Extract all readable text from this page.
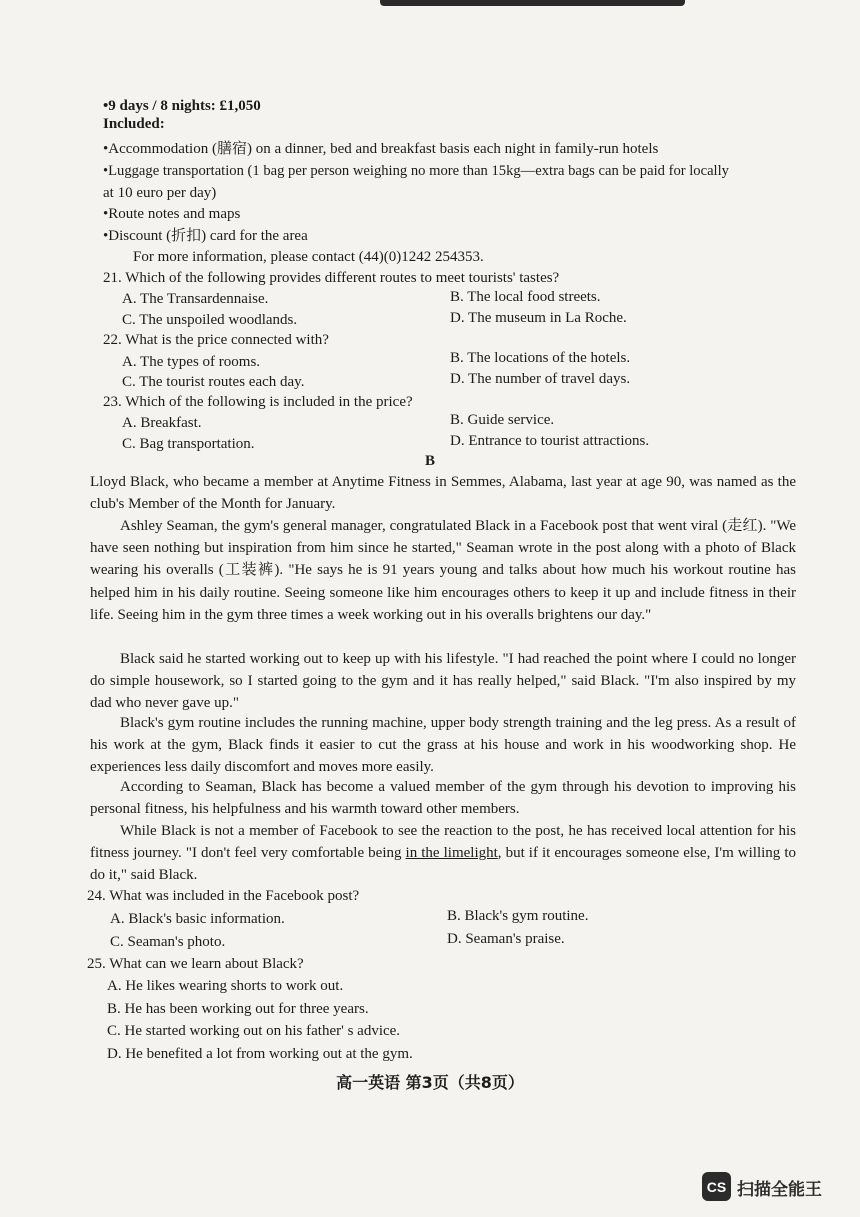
•9 days / 8 nights: £1,050
Included:
•Accommodation (膳宿) on a dinner, bed and breakfast basis each night in family-run hotels
•Luggage transportation (1 bag per person weighing no more than 15kg—extra bags can be paid for locally
at 10 euro per day)
•Route notes and maps
•Discount (折扣) card for the area
For more information, please contact (44)(0)1242 254353.
21. Which of the following provides different routes to meet tourists' tastes?
A. The Transardennaise.	B. The local food streets.
C. The unspoiled woodlands.	D. The museum in La Roche.
22. What is the price connected with?
A. The types of rooms.	B. The locations of the hotels.
C. The tourist routes each day.	D. The number of travel days.
23. Which of the following is included in the price?
A. Breakfast.	B. Guide service.
C. Bag transportation.	D. Entrance to tourist attractions.
B
Lloyd Black, who became a member at Anytime Fitness in Semmes, Alabama, last year at age 90, was named as the club's Member of the Month for January.
Ashley Seaman, the gym's general manager, congratulated Black in a Facebook post that went viral (走红). "We have seen nothing but inspiration from him since he started," Seaman wrote in the post along with a photo of Black wearing his overalls (工装裤). "He says he is 91 years young and talks about how much his workout routine has helped him in his daily routine. Seeing someone like him encourages others to keep it up and include fitness in their life. Seeing him in the gym three times a week working out in his overalls brightens our day."
Black said he started working out to keep up with his lifestyle. "I had reached the point where I could no longer do simple housework, so I started going to the gym and it has really helped," said Black. "I'm also inspired by my dad who never gave up."
Black's gym routine includes the running machine, upper body strength training and the leg press. As a result of his work at the gym, Black finds it easier to cut the grass at his house and work in his woodworking shop. He experiences less daily discomfort and moves more easily.
According to Seaman, Black has become a valued member of the gym through his devotion to improving his personal fitness, his helpfulness and his warmth toward other members.
While Black is not a member of Facebook to see the reaction to the post, he has received local attention for his fitness journey. "I don't feel very comfortable being in the limelight, but if it encourages someone else, I'm willing to do it," said Black.
24. What was included in the Facebook post?
A. Black's basic information.	B. Black's gym routine.
C. Seaman's photo.	D. Seaman's praise.
25. What can we learn about Black?
A. He likes wearing shorts to work out.
B. He has been working out for three years.
C. He started working out on his father' s advice.
D. He benefited a lot from working out at the gym.
高一英语 第3页（共8页）
CS 扫描全能王
